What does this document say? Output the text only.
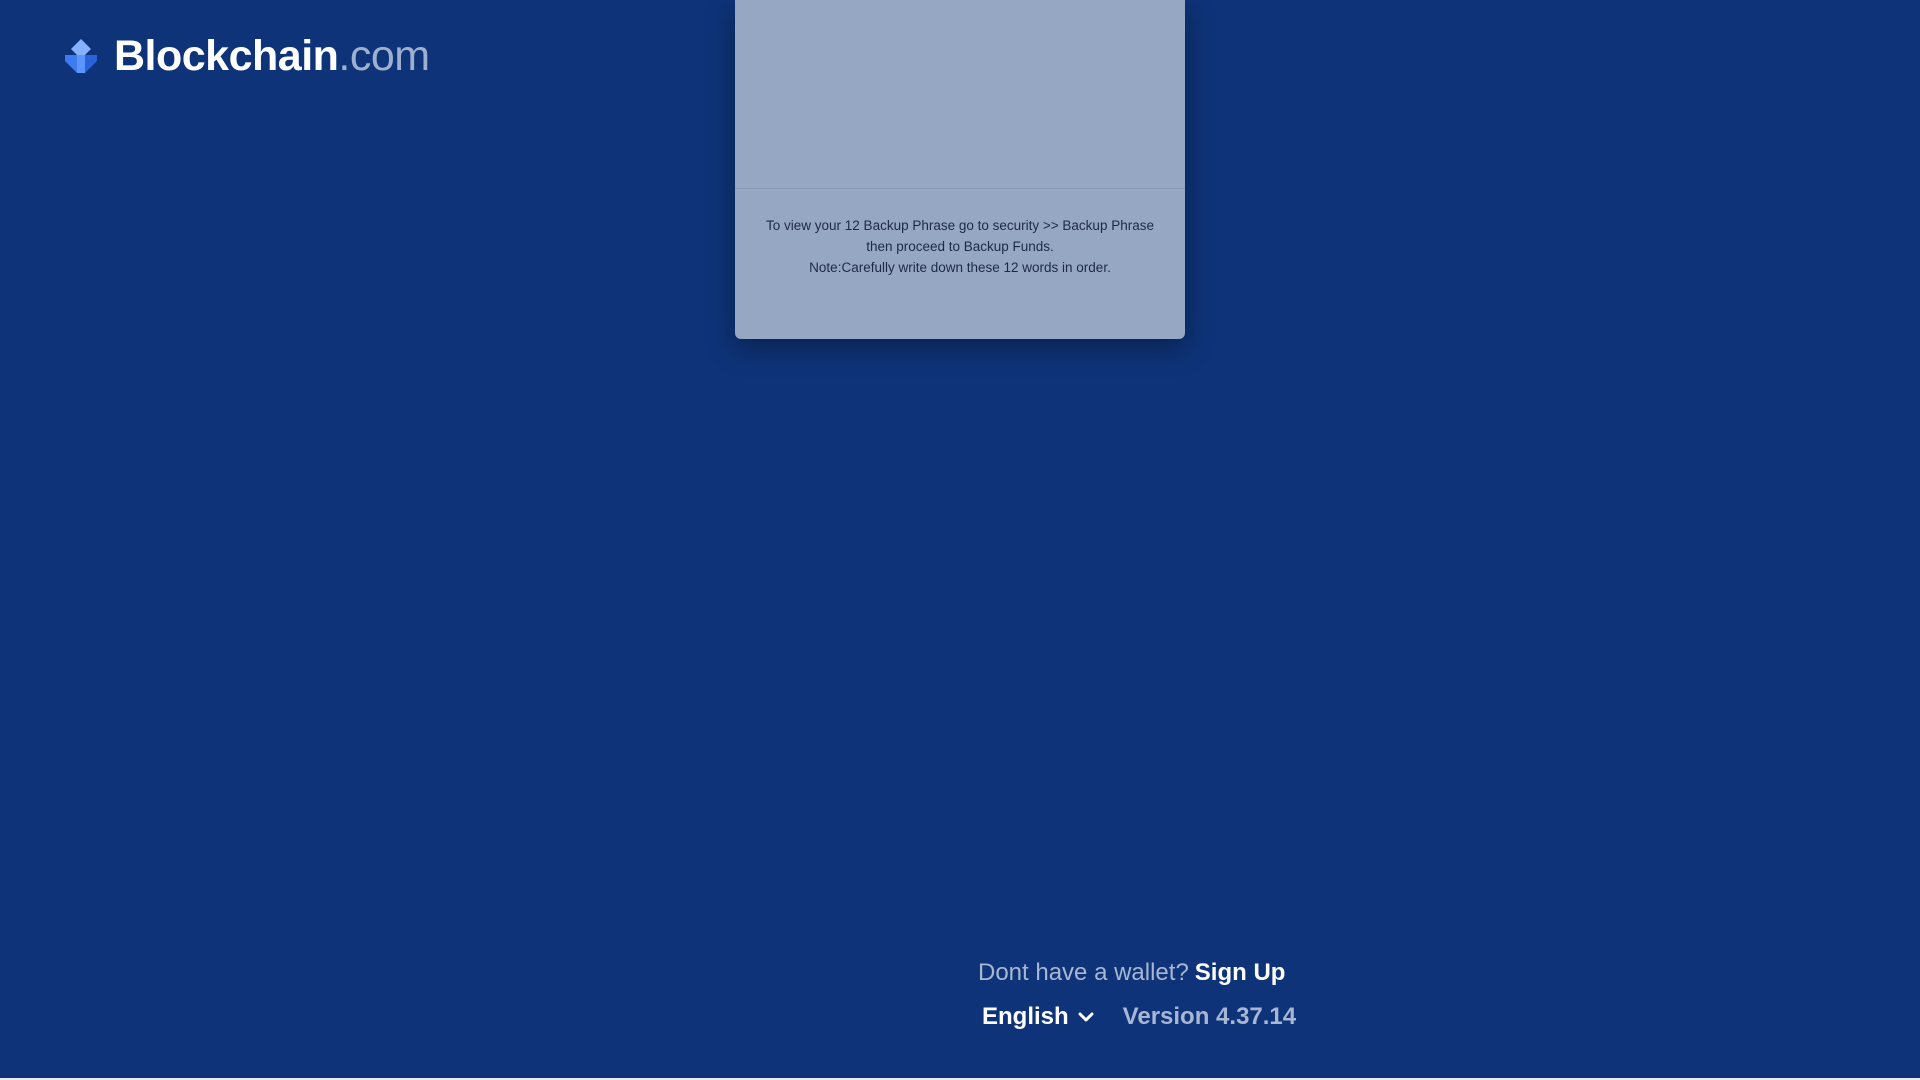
Blockchain .com
To view your 12 Backup Phrase go to security >> Backup Phrase
then proceed to Backup Funds.
Note:Carefully write down these 12 words in order.
Dont have a wallet? Sign Up
English Version 4.37.14
